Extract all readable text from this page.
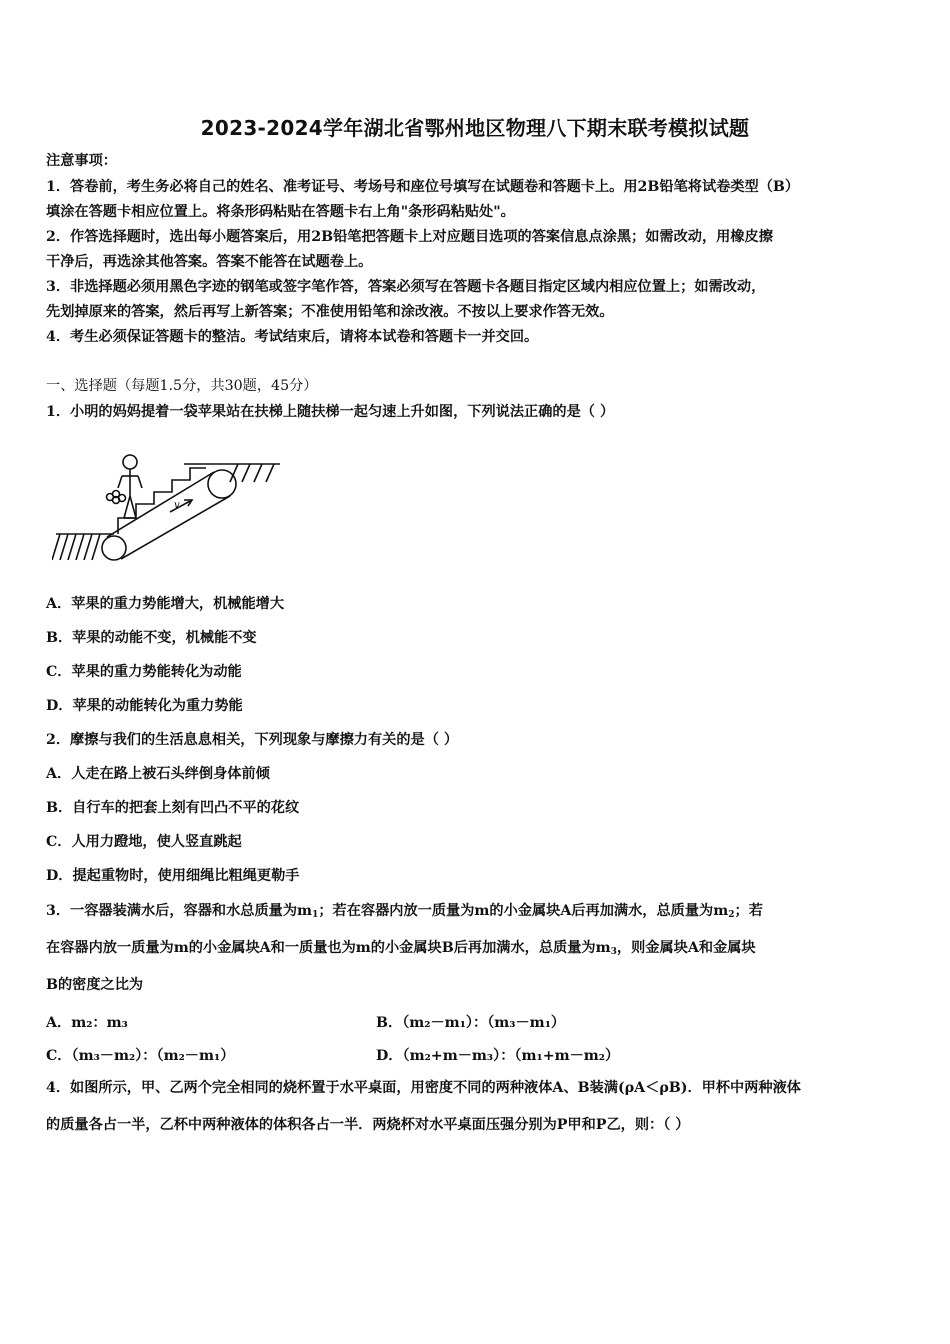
2023-2024学年湖北省鄂州地区物理八下期末联考模拟试题
注意事项：
1．答卷前，考生务必将自己的姓名、准考证号、考场号和座位号填写在试题卷和答题卡上。用2B铅笔将试卷类型（B）
填涂在答题卡相应位置上。将条形码粘贴在答题卡右上角"条形码粘贴处"。
2．作答选择题时，选出每小题答案后，用2B铅笔把答题卡上对应题目选项的答案信息点涂黑；如需改动，用橡皮擦
干净后，再选涂其他答案。答案不能答在试题卷上。
3．非选择题必须用黑色字迹的钢笔或签字笔作答，答案必须写在答题卡各题目指定区域内相应位置上；如需改动，
先划掉原来的答案，然后再写上新答案；不准使用铅笔和涂改液。不按以上要求作答无效。
4．考生必须保证答题卡的整洁。考试结束后，请将本试卷和答题卡一并交回。
一、选择题（每题1.5分，共30题，45分）
1．小明的妈妈提着一袋苹果站在扶梯上随扶梯一起匀速上升如图，下列说法正确的是（ ）
v
A．苹果的重力势能增大，机械能增大
B．苹果的动能不变，机械能不变
C．苹果的重力势能转化为动能
D．苹果的动能转化为重力势能
2．摩擦与我们的生活息息相关，下列现象与摩擦力有关的是（ ）
A．人走在路上被石头绊倒身体前倾
B．自行车的把套上刻有凹凸不平的花纹
C．人用力蹬地，使人竖直跳起
D．提起重物时，使用细绳比粗绳更勒手
3．一容器装满水后，容器和水总质量为$m_1$；若在容器内放一质量为m的小金属块A后再加满水，总质量为$m_2$；若
在容器内放一质量为m的小金属块A和一质量也为m的小金属块B后再加满水，总质量为$m_3$，则金属块A和金属块
B的密度之比为
A．m₂：m₃	B．（m₂－m₁）：（m₃－m₁）
C．（m₃－m₂）：（m₂－m₁）	D．（m₂+m－m₃）：（m₁+m－m₂）
4．如图所示，甲、乙两个完全相同的烧杯置于水平桌面，用密度不同的两种液体A、B装满(ρA＜ρB)．甲杯中两种液体
的质量各占一半，乙杯中两种液体的体积各占一半．两烧杯对水平桌面压强分别为P甲和P乙，则：（ ）
